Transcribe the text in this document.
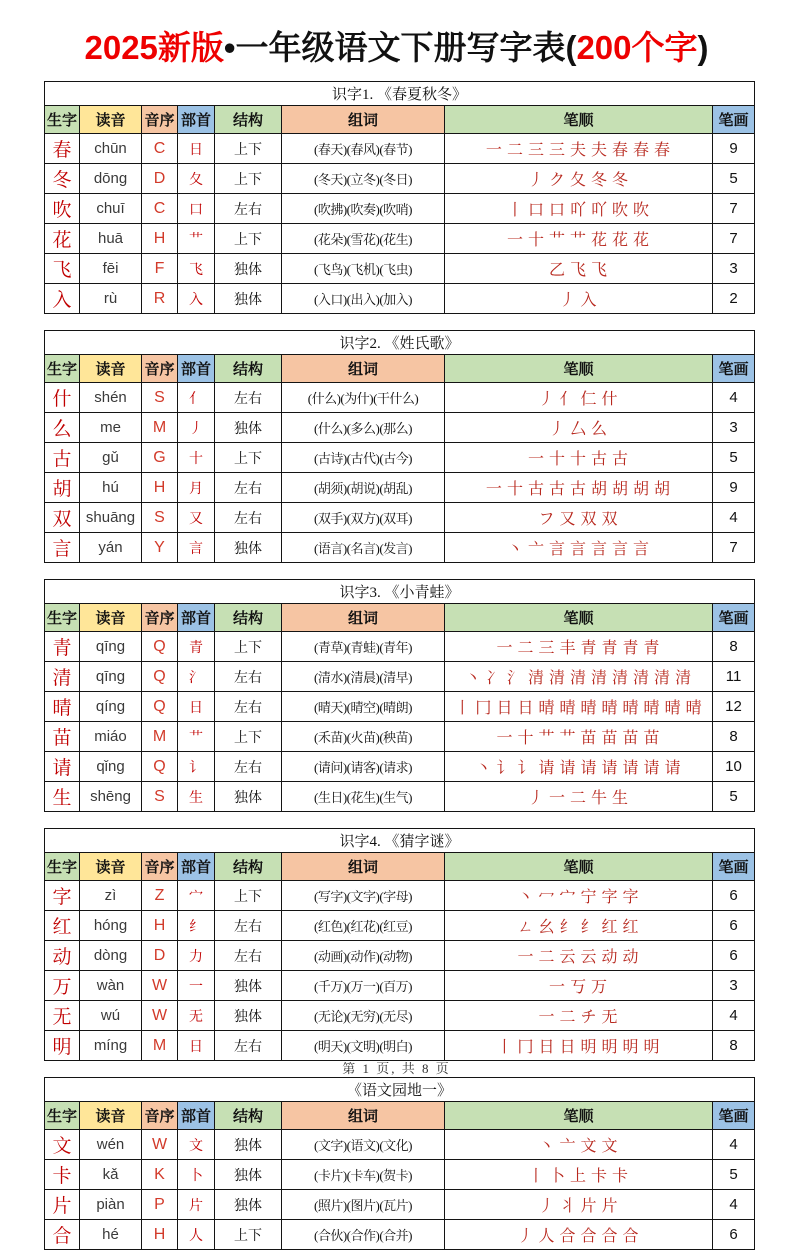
2025新版•一年级语文下册写字表(200个字)
识字1. 《春夏秋冬》							
生字	读音	音序	部首	结构	组词	笔顺	笔画
春	chūn	C	日	上下	(春天)(春风)(春节)	一 二 三 三 夫 夫 春 春 春	9
冬	dōng	D	夂	上下	(冬天)(立冬)(冬日)	丿 ク 夂 冬 冬	5
吹	chuī	C	口	左右	(吹拂)(吹奏)(吹哨)	丨 口 口 吖 吖 吹 吹	7
花	huā	H	艹	上下	(花朵)(雪花)(花生)	一 十 艹 艹 花 花 花	7
飞	fēi	F	飞	独体	(飞鸟)(飞机)(飞虫)	乙 飞 飞	3
入	rù	R	入	独体	(入口)(出入)(加入)	丿 入	2
识字2. 《姓氏歌》							
生字	读音	音序	部首	结构	组词	笔顺	笔画
什	shén	S	亻	左右	(什么)(为什)(干什么)	丿 亻 仁 什	4
么	me	M	丿	独体	(什么)(多么)(那么)	丿 厶 么	3
古	gǔ	G	十	上下	(古诗)(古代)(古今)	一 十 十 古 古	5
胡	hú	H	月	左右	(胡须)(胡说)(胡乱)	一 十 古 古 古 胡 胡 胡 胡	9
双	shuāng	S	又	左右	(双手)(双方)(双耳)	フ 又 双 双	4
言	yán	Y	言	独体	(语言)(名言)(发言)	丶 亠 言 言 言 言 言	7
识字3. 《小青蛙》							
生字	读音	音序	部首	结构	组词	笔顺	笔画
青	qīng	Q	青	上下	(青草)(青蛙)(青年)	一 二 三 丰 青 青 青 青	8
清	qīng	Q	氵	左右	(清水)(清晨)(清早)	丶 冫 氵 清 清 清 清 清 清 清 清	11
晴	qíng	Q	日	左右	(晴天)(晴空)(晴朗)	丨 冂 日 日 晴 晴 晴 晴 晴 晴 晴 晴	12
苗	miáo	M	艹	上下	(禾苗)(火苗)(秧苗)	一 十 艹 艹 苗 苗 苗 苗	8
请	qǐng	Q	讠	左右	(请问)(请客)(请求)	丶 讠 讠 请 请 请 请 请 请 请	10
生	shēng	S	生	独体	(生日)(花生)(生气)	丿 一 二 牛 生	5
识字4. 《猜字谜》							
生字	读音	音序	部首	结构	组词	笔顺	笔画
字	zì	Z	宀	上下	(写字)(文字)(字母)	丶 冖 宀 宁 字 字	6
红	hóng	H	纟	左右	(红色)(红花)(红豆)	ㄥ 幺 纟 纟 红 红	6
动	dòng	D	力	左右	(动画)(动作)(动物)	一 二 云 云 动 动	6
万	wàn	W	一	独体	(千万)(万一)(百万)	一 丂 万	3
无	wú	W	无	独体	(无论)(无穷)(无尽)	一 二 チ 无	4
明	míng	M	日	左右	(明天)(文明)(明白)	丨 冂 日 日 明 明 明 明	8
《语文园地一》							
生字	读音	音序	部首	结构	组词	笔顺	笔画
文	wén	W	文	独体	(文字)(语文)(文化)	丶 亠 文 文	4
卡	kǎ	K	卜	独体	(卡片)(卡车)(贺卡)	丨 卜 上 卡 卡	5
片	piàn	P	片	独体	(照片)(图片)(瓦片)	丿 丬 片 片	4
合	hé	H	人	上下	(合伙)(合作)(合并)	丿 人 合 合 合 合	6
第 1 页, 共 8 页
